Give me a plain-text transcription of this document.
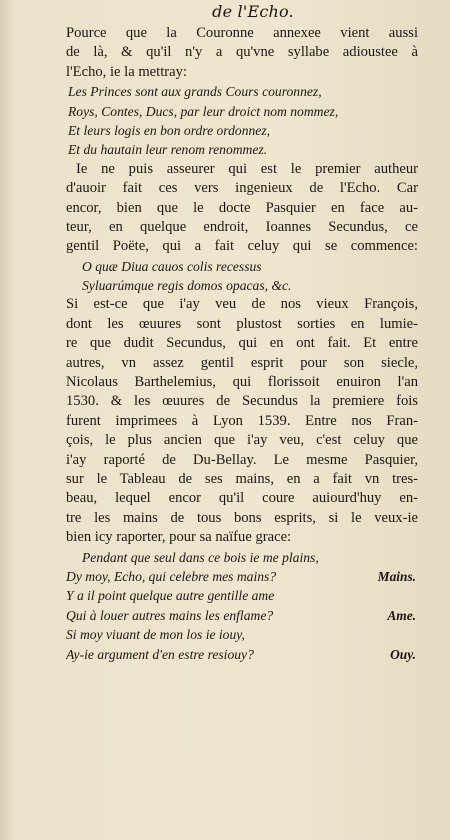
de l'Echo.
Pource que la Couronne annexee vient aussi
de là, & qu'il n'y a qu'vne syllabe adioustee à
l'Echo, ie la mettray:
Les Princes sont aux grands Cours couronnez,
Roys, Contes, Ducs, par leur droict nom nommez,
Et leurs logis en bon ordre ordonnez,
Et du hautain leur renom renommez.
Ie ne puis asseurer qui est le premier autheur
d'auoir fait ces vers ingenieux de l'Echo. Car
encor, bien que le docte Pasquier en face au-
teur, en quelque endroit, Ioannes Secundus, ce
gentil Poëte, qui a fait celuy qui se commence:
O quæ Diua cauos colis recessus
Syluarúmque regis domos opacas, &c.
Si est-ce que i'ay veu de nos vieux François,
dont les œuures sont plustost sorties en lumie-
re que dudit Secundus, qui en ont fait. Et entre
autres, vn assez gentil esprit pour son siecle,
Nicolaus Barthelemius, qui florissoit enuiron l'an
1530. & les œuures de Secundus la premiere fois
furent imprimees à Lyon 1539. Entre nos Fran-
çois, le plus ancien que i'ay veu, c'est celuy que
i'ay raporté de Du-Bellay. Le mesme Pasquier,
sur le Tableau de ses mains, en a fait vn tres-
beau, lequel encor qu'il coure auiourd'huy en-
tre les mains de tous bons esprits, si le veux-ie
bien icy raporter, pour sa naïfue grace:
Pendant que seul dans ce bois ie me plains,
Dy moy, Echo, qui celebre mes mains?	Mains.
Y a il point quelque autre gentille ame
Qui à louer autres mains les enflame?	Ame.
Si moy viuant de mon los ie iouy,
Ay-ie argument d'en estre resiouy?	Ouy.
